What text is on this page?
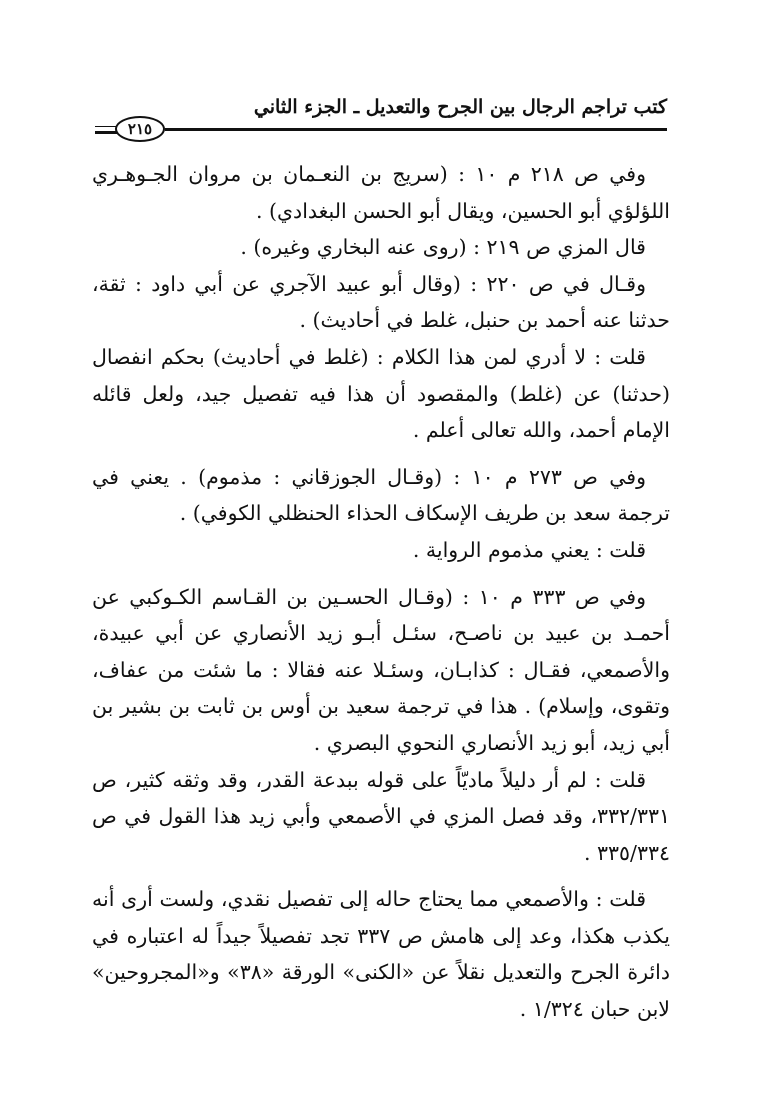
كتب تراجم الرجال بين الجرح والتعديل ـ الجزء الثاني
٢١٥

وفي ص ٢١٨ م ١٠ : (سريج بن النعـمان بن مروان الجـوهـري اللؤلؤي أبو الحسين، ويقال أبو الحسن البغدادي) .

قال المزي ص ٢١٩ : (روى عنه البخاري وغيره) .

وقـال في ص ٢٢٠ : (وقال أبو عبيد الآجري عن أبي داود : ثقة، حدثنا عنه أحمد بن حنبل، غلط في أحاديث) .

قلت : لا أدري لمن هذا الكلام : (غلط في أحاديث) بحكم انفصال (حدثنا) عن (غلط) والمقصود أن هذا فيه تفصيل جيد، ولعل قائله الإمام أحمد، والله تعالى أعلم .

وفي ص ٢٧٣ م ١٠ : (وقـال الجوزقاني : مذموم) . يعني في ترجمة سعد بن طريف الإسكاف الحذاء الحنظلي الكوفي) .

قلت : يعني مذموم الرواية .

وفي ص ٣٣٣ م ١٠ : (وقـال الحسـين بن القـاسم الكـوكبي عن أحمـد بن عبيد بن ناصـح، سئـل أبـو زيد الأنصاري عن أبي عبيدة، والأصمعي، فقـال : كذابـان، وسئـلا عنه فقالا : ما شئت من عفاف، وتقوى، وإسلام) . هذا في ترجمة سعيد بن أوس بن ثابت بن بشير بن أبي زيد، أبو زيد الأنصاري النحوي البصري .

قلت : لم أر دليلاً ماديّاً على قوله ببدعة القدر، وقد وثقه كثير، ص ٣٣٢/٣٣١، وقد فصل المزي في الأصمعي وأبي زيد هذا القول في ص ٣٣٥/٣٣٤ .

قلت : والأصمعي مما يحتاج حاله إلى تفصيل نقدي، ولست أرى أنه يكذب هكذا، وعد إلى هامش ص ٣٣٧ تجد تفصيلاً جيداً له اعتباره في دائرة الجرح والتعديل نقلاً عن «الكنى» الورقة «٣٨» و«المجروحين» لابن حبان ١/٣٢٤ .
